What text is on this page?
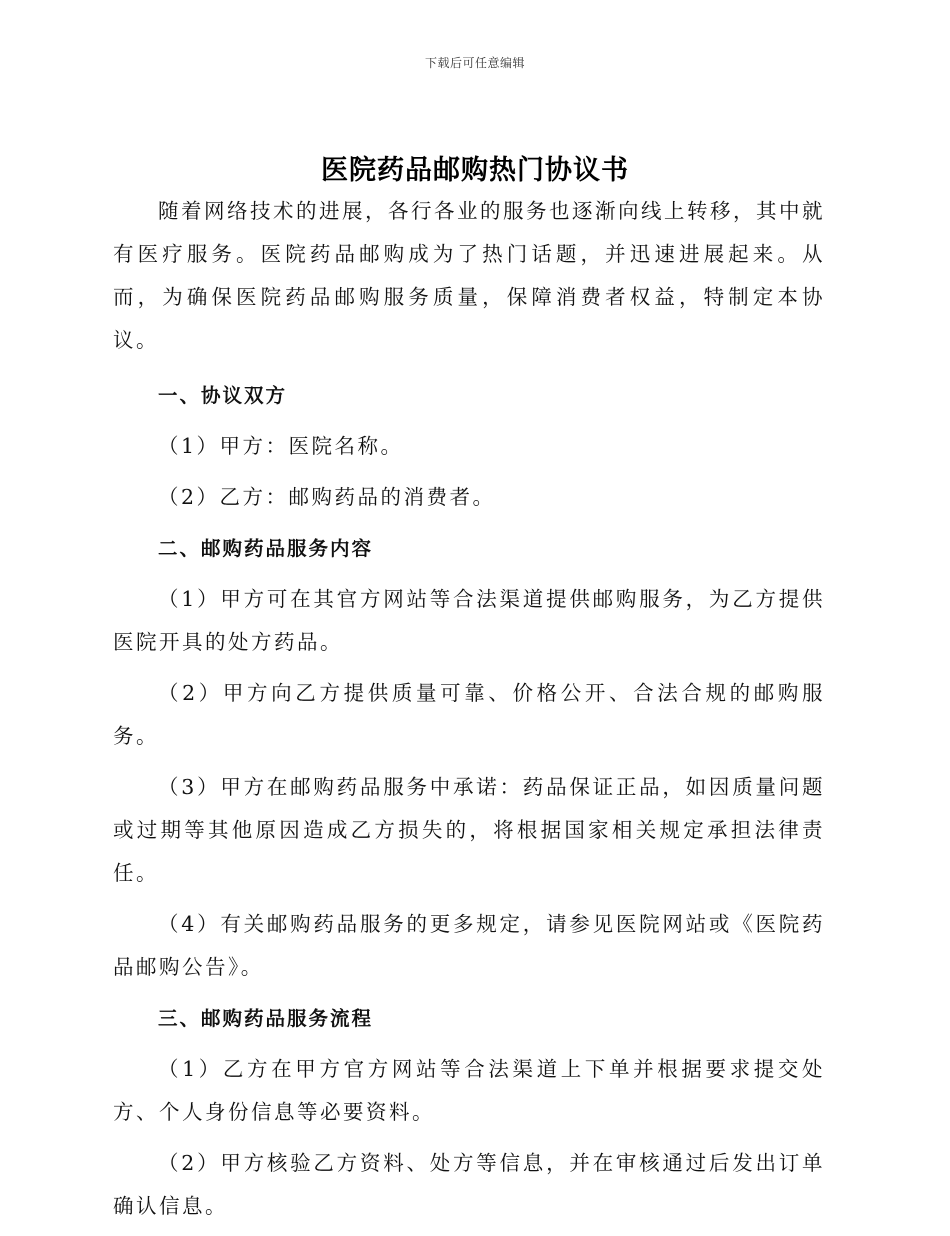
下载后可任意编辑
医院药品邮购热门协议书

随着网络技术的进展，各行各业的服务也逐渐向线上转移，其中就有医疗服务。医院药品邮购成为了热门话题，并迅速进展起来。从而，为确保医院药品邮购服务质量，保障消费者权益，特制定本协议。

一、协议双方

（1）甲方：医院名称。

（2）乙方：邮购药品的消费者。

二、邮购药品服务内容

（1）甲方可在其官方网站等合法渠道提供邮购服务，为乙方提供医院开具的处方药品。

（2）甲方向乙方提供质量可靠、价格公开、合法合规的邮购服务。

（3）甲方在邮购药品服务中承诺：药品保证正品，如因质量问题或过期等其他原因造成乙方损失的，将根据国家相关规定承担法律责任。

（4）有关邮购药品服务的更多规定，请参见医院网站或《医院药品邮购公告》。

三、邮购药品服务流程

（1）乙方在甲方官方网站等合法渠道上下单并根据要求提交处方、个人身份信息等必要资料。

（2）甲方核验乙方资料、处方等信息，并在审核通过后发出订单确认信息。
